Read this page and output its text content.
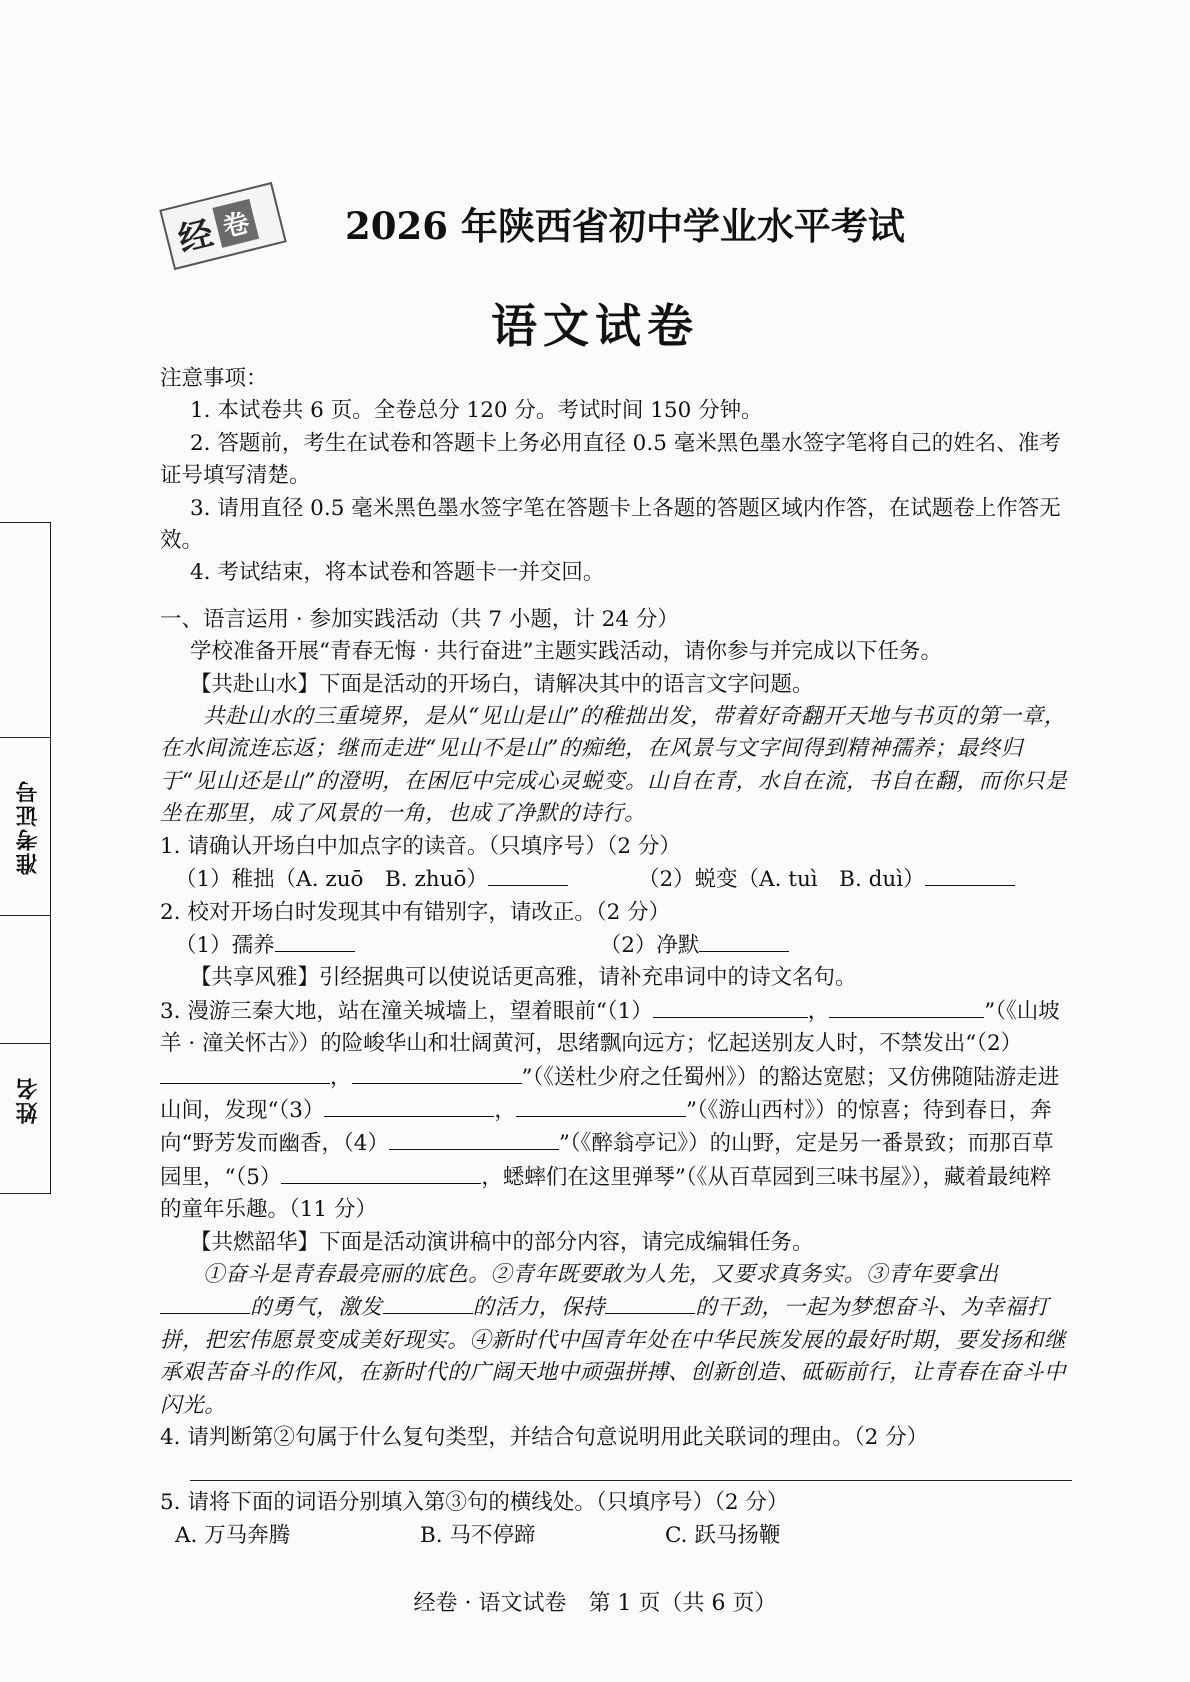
经 卷	2026 年陕西省初中学业水平考试
语文试卷
准考证号
姓名

注意事项：

1. 本试卷共 6 页。全卷总分 120 分。考试时间 150 分钟。

2. 答题前，考生在试卷和答题卡上务必用直径 0.5 毫米黑色墨水签字笔将自己的姓名、准考证号填写清楚。

3. 请用直径 0.5 毫米黑色墨水签字笔在答题卡上各题的答题区域内作答，在试题卷上作答无效。

4. 考试结束，将本试卷和答题卡一并交回。

一、语言运用 · 参加实践活动（共 7 小题，计 24 分）

学校准备开展“青春无悔 · 共行奋进”主题实践活动，请你参与并完成以下任务。

【共赴山水】下面是活动的开场白，请解决其中的语言文字问题。

共赴山水的三重境界，是从“见山是山”的稚拙出发，带着好奇翻开天地与书页的第一章，在水间流连忘返；继而走进“见山不是山”的痴绝，在风景与文字间得到精神孺养；最终归于“见山还是山”的澄明，在困厄中完成心灵蜕变。山自在青，水自在流，书自在翻，而你只是坐在那里，成了风景的一角，也成了净默的诗行。

1. 请确认开场白中加点字的读音。（只填序号）（2 分）

（1）稚拙（A. zuō　B. zhuō）	（2）蜕变（A. tuì　B. duì）

2. 校对开场白时发现其中有错别字，请改正。（2 分）

（1）孺养	（2）净默

【共享风雅】引经据典可以使说话更高雅，请补充串词中的诗文名句。

3. 漫游三秦大地，站在潼关城墙上，望着眼前“（1）	，	”（《山坡羊 · 潼关怀古》）的险峻华山和壮阔黄河，思绪飘向远方；忆起送别友人时，不禁发出“（2），	”（《送杜少府之任蜀州》）的豁达宽慰；又仿佛随陆游走进山间，发现“（3）	，	”（《游山西村》）的惊喜；待到春日，奔向“野芳发而幽香，（4）	”（《醉翁亭记》）的山野，定是另一番景致；而那百草园里，“（5）	，蟋蟀们在这里弹琴”（《从百草园到三味书屋》），藏着最纯粹的童年乐趣。（11 分）

【共燃韶华】下面是活动演讲稿中的部分内容，请完成编辑任务。

①奋斗是青春最亮丽的底色。②青年既要敢为人先，又要求真务实。③青年要拿出的勇气，激发	的活力，保持	的干劲，一起为梦想奋斗、为幸福打拼，把宏伟愿景变成美好现实。④新时代中国青年处在中华民族发展的最好时期，要发扬和继承艰苦奋斗的作风，在新时代的广阔天地中顽强拼搏、创新创造、砥砺前行，让青春在奋斗中闪光。

4. 请判断第②句属于什么复句类型，并结合句意说明用此关联词的理由。（2 分）

5. 请将下面的词语分别填入第③句的横线处。（只填序号）（2 分）

A. 万马奔腾	B. 马不停蹄	C. 跃马扬鞭

经卷 · 语文试卷　第 1 页（共 6 页）
